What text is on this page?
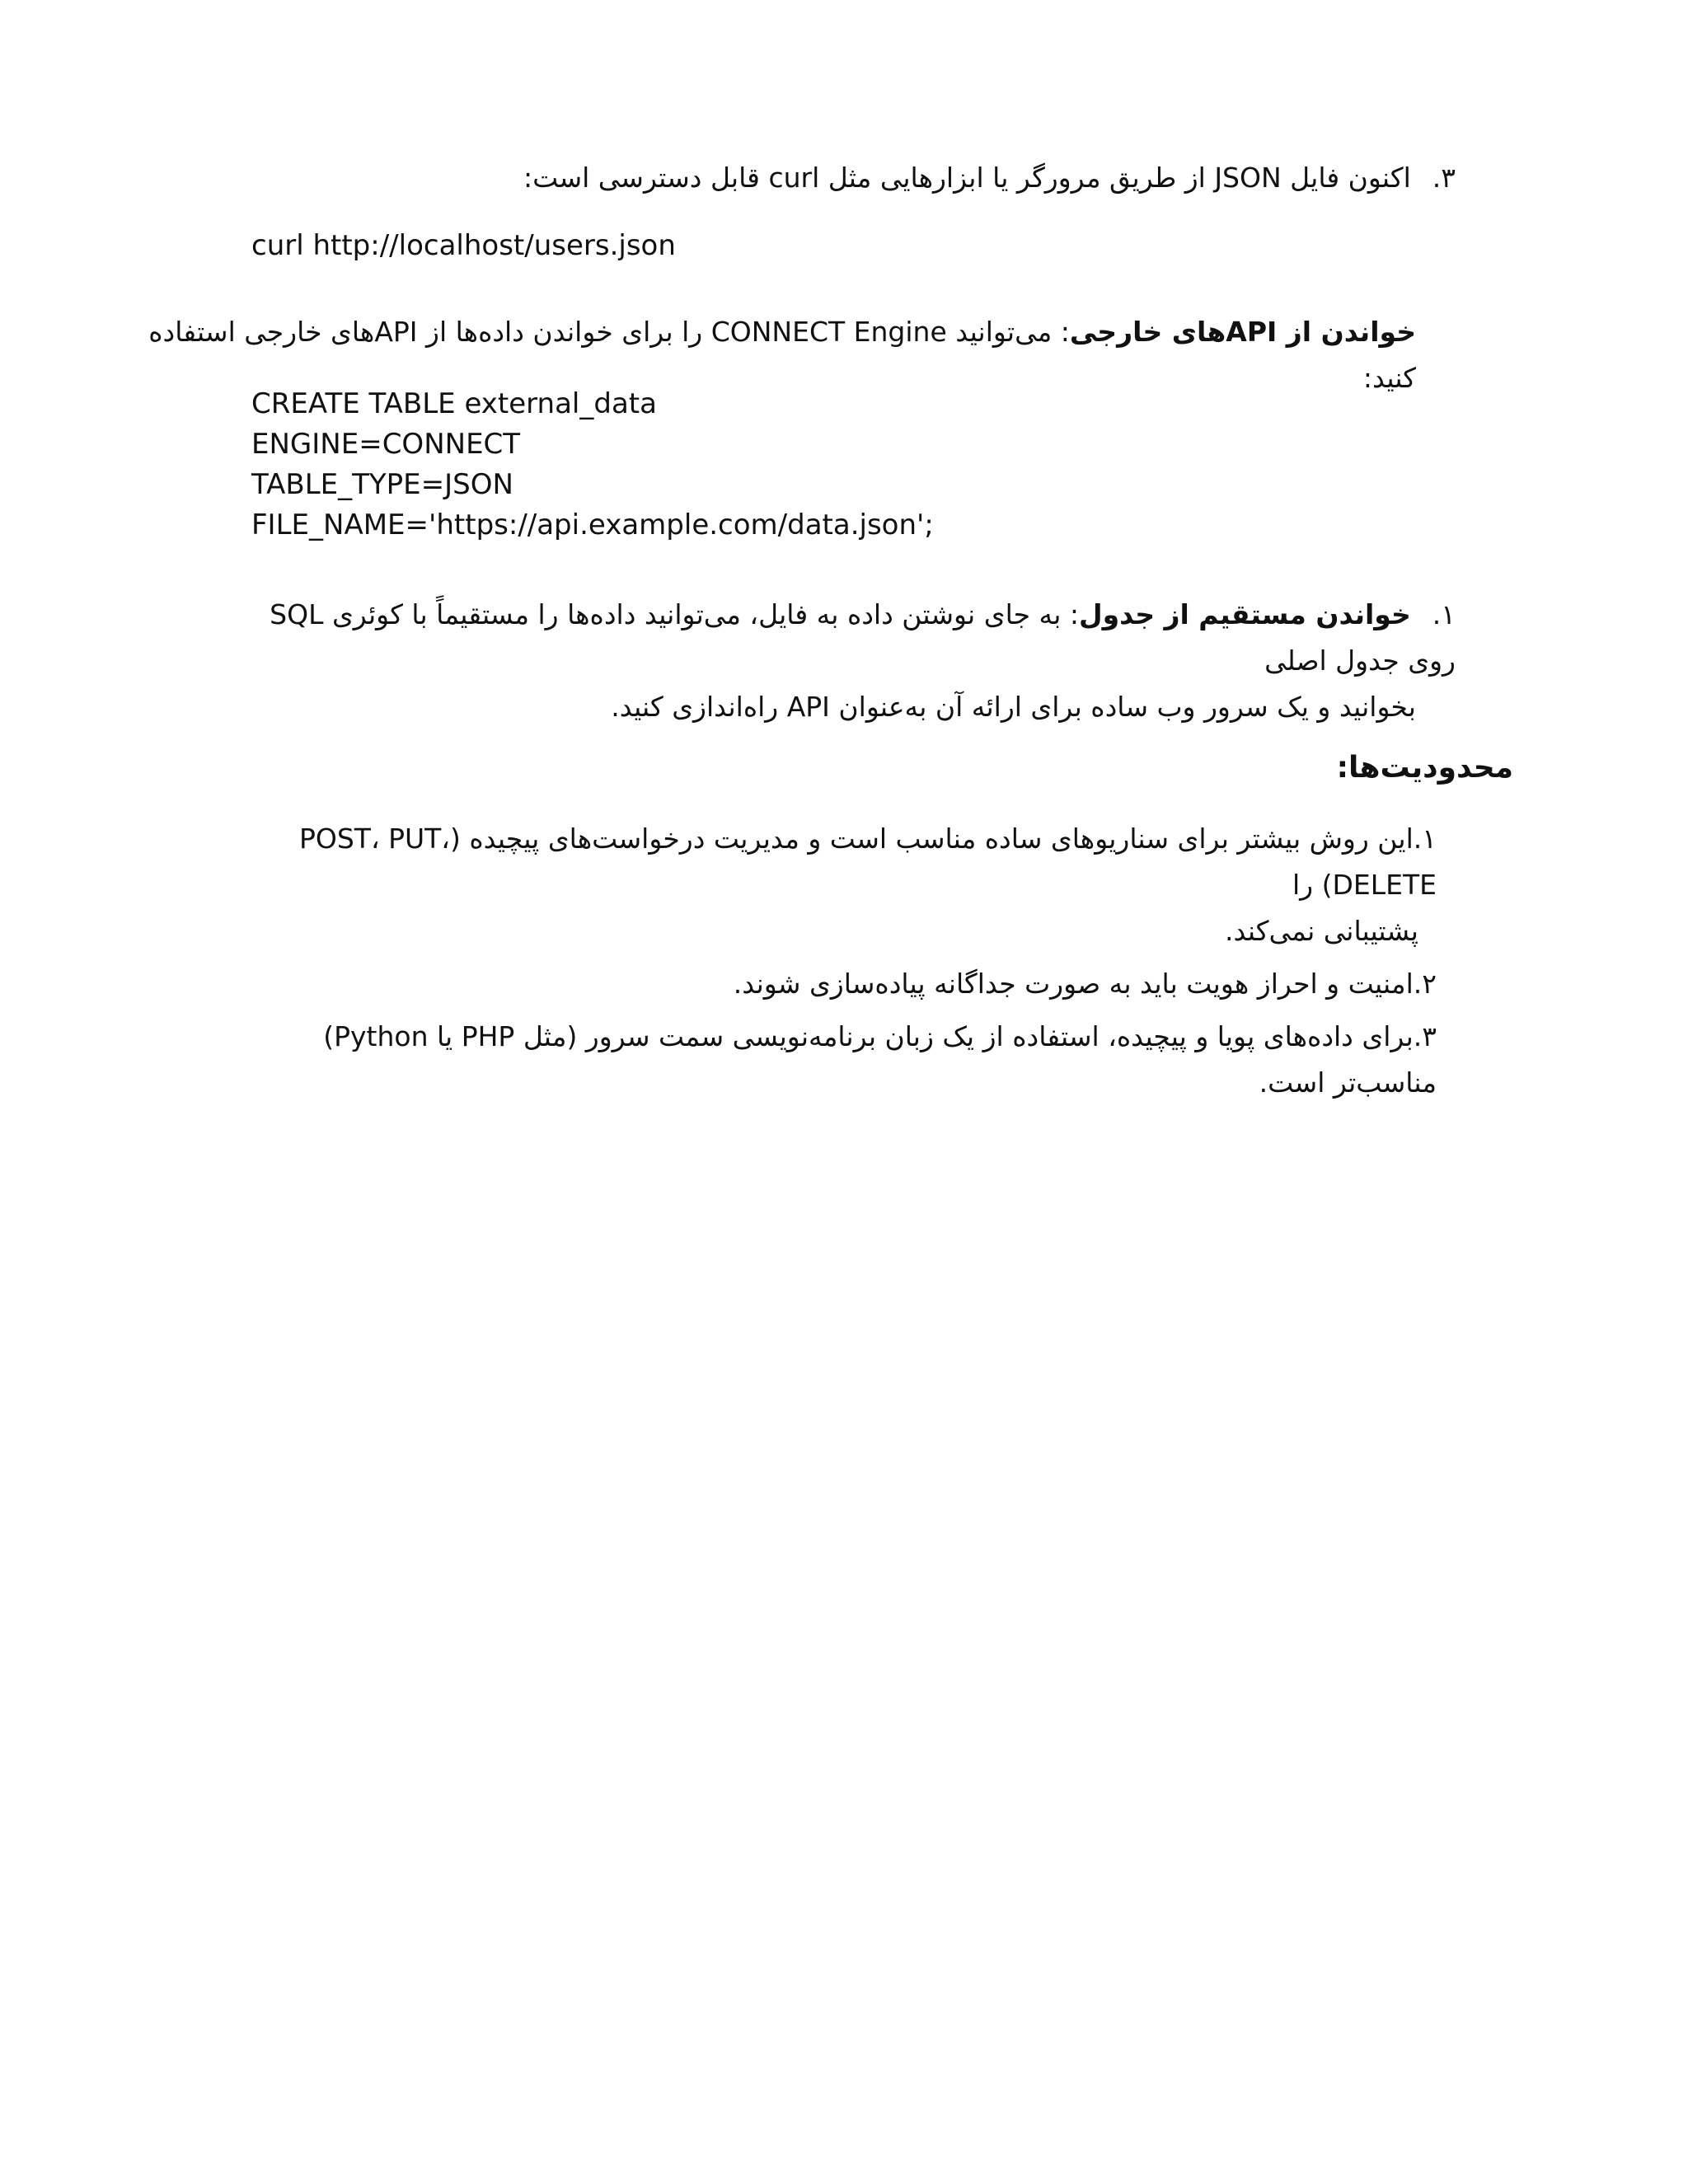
۳.اکنون فایل JSON از طریق مرورگر یا ابزارهایی مثل curl قابل دسترسی است:
curl http://localhost/users.json
خواندن از APIهای خارجی: می‌توانید CONNECT Engine را برای خواندن داده‌ها از APIهای خارجی استفاده کنید:
CREATE TABLE external_data
ENGINE=CONNECT
TABLE_TYPE=JSON
FILE_NAME='https://api.example.com/data.json';
۱.خواندن مستقیم از جدول: به جای نوشتن داده به فایل، می‌توانید داده‌ها را مستقیماً با کوئری SQL روی جدول اصلی
بخوانید و یک سرور وب ساده برای ارائه آن به‌عنوان API راه‌اندازی کنید.
محدودیت‌ها:
۱.این روش بیشتر برای سناریوهای ساده مناسب است و مدیریت درخواست‌های پیچیده (POST، PUT، DELETE) را
پشتیبانی نمی‌کند.
۲.امنیت و احراز هویت باید به صورت جداگانه پیاده‌سازی شوند.
۳.برای داده‌های پویا و پیچیده، استفاده از یک زبان برنامه‌نویسی سمت سرور (مثل PHP یا Python) مناسب‌تر است.
